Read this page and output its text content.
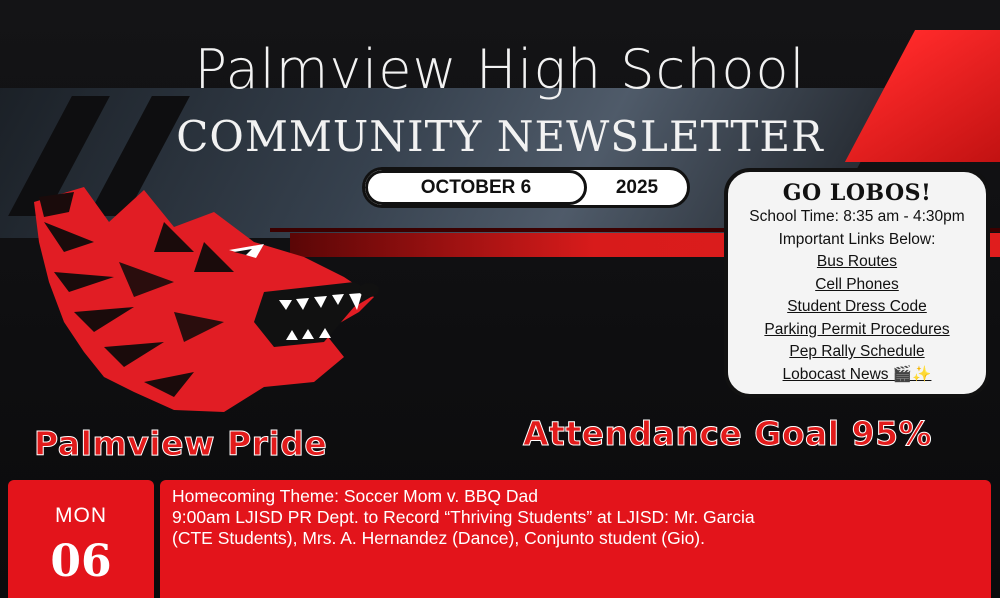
Palmview High School
COMMUNITY NEWSLETTER
OCTOBER 6	2025	GO LOBOS!
School Time: 8:35 am - 4:30pm
Important Links Below:
Bus Routes
Cell Phones
Student Dress Code
Parking Permit Procedures
Pep Rally Schedule
Lobocast News 🎬✨
Palmview Pride	Attendance Goal 95%
MON
06
Homecoming Theme: Soccer Mom v. BBQ Dad
9:00am LJISD PR Dept. to Record “Thriving Students” at LJISD: Mr. Garcia
(CTE Students), Mrs. A. Hernandez (Dance), Conjunto student (Gio).
